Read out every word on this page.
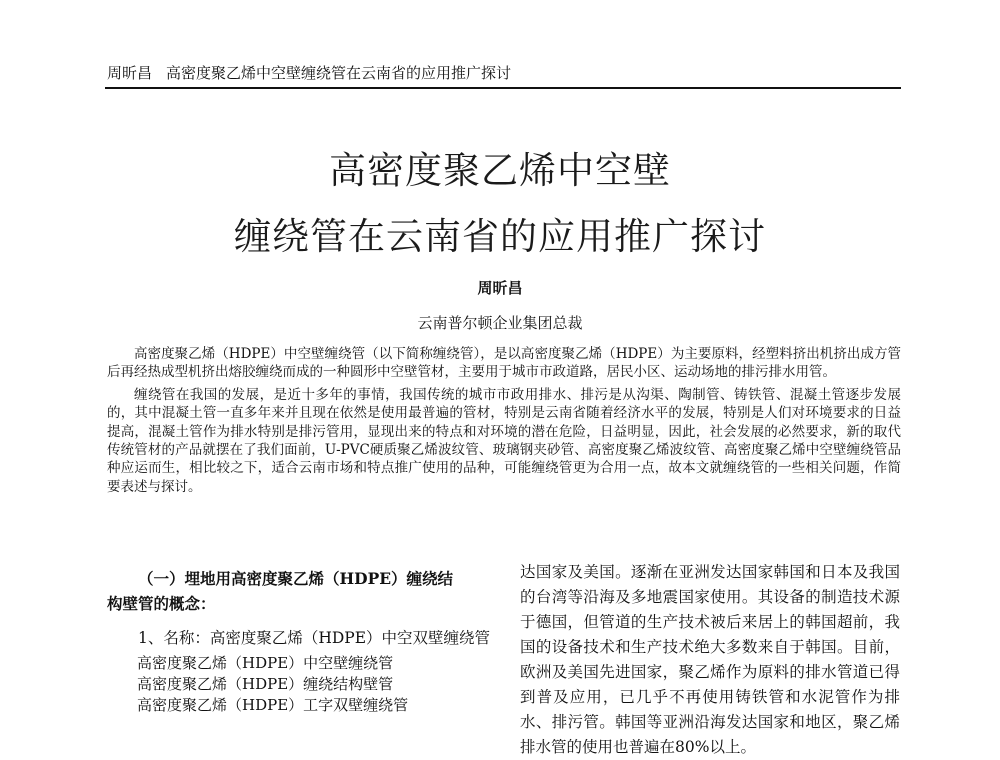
周昕昌 高密度聚乙烯中空壁缠绕管在云南省的应用推广探讨
高密度聚乙烯中空壁
缠绕管在云南省的应用推广探讨
周昕昌
云南普尔顿企业集团总裁

高密度聚乙烯（HDPE）中空壁缠绕管（以下简称缠绕管），是以高密度聚乙烯（HDPE）为主要原料，经塑料挤出机挤出成方管后再经热成型机挤出熔胶缠绕而成的一种圆形中空壁管材，主要用于城市市政道路，居民小区、运动场地的排污排水用管。

缠绕管在我国的发展，是近十多年的事情，我国传统的城市市政用排水、排污是从沟渠、陶制管、铸铁管、混凝土管逐步发展的，其中混凝土管一直多年来并且现在依然是使用最普遍的管材，特别是云南省随着经济水平的发展，特别是人们对环境要求的日益提高，混凝土管作为排水特别是排污管用，显现出来的特点和对环境的潜在危险，日益明显，因此，社会发展的必然要求，新的取代传统管材的产品就摆在了我们面前，U-PVC硬质聚乙烯波纹管、玻璃钢夹砂管、高密度聚乙烯波纹管、高密度聚乙烯中空壁缠绕管品种应运而生，相比较之下，适合云南市场和特点推广使用的品种，可能缠绕管更为合用一点，故本文就缠绕管的一些相关问题，作简要表述与探讨。

（一）埋地用高密度聚乙烯（HDPE）缠绕结

构壁管的概念：

1、名称：高密度聚乙烯（HDPE）中空双壁缠绕管

高密度聚乙烯（HDPE）中空壁缠绕管

高密度聚乙烯（HDPE）缠绕结构壁管

高密度聚乙烯（HDPE）工字双壁缠绕管

达国家及美国。逐渐在亚洲发达国家韩国和日本及我国的台湾等沿海及多地震国家使用。其设备的制造技术源于德国，但管道的生产技术被后来居上的韩国超前，我国的设备技术和生产技术绝大多数来自于韩国。目前，欧洲及美国先进国家，聚乙烯作为原料的排水管道已得到普及应用，已几乎不再使用铸铁管和水泥管作为排水、排污管。韩国等亚洲沿海发达国家和地区，聚乙烯排水管的使用也普遍在80%以上。
